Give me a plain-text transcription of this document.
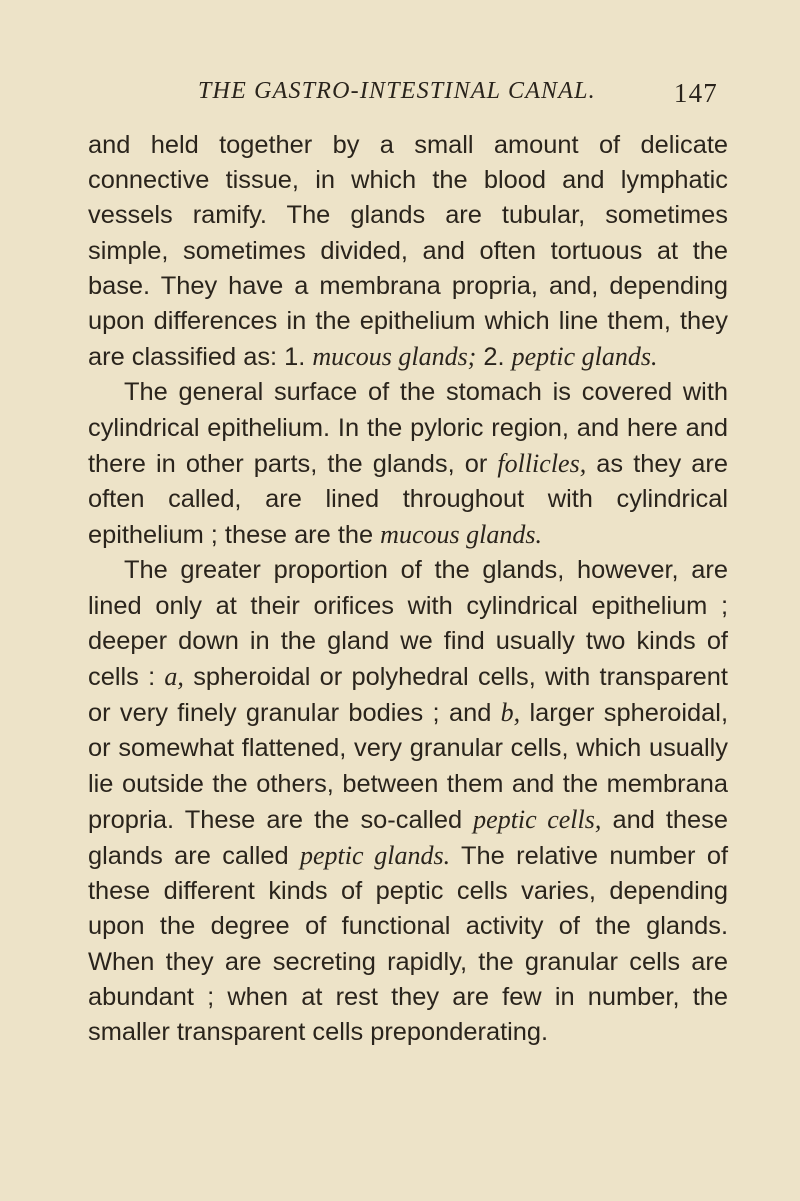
THE GASTRO-INTESTINAL CANAL.	147

and held together by a small amount of delicate connective tissue, in which the blood and lymphatic vessels ramify. The glands are tubular, sometimes simple, sometimes divided, and often tortuous at the base. They have a membrana propria, and, depending upon differences in the epithelium which line them, they are classified as: 1. mucous glands; 2. peptic glands.

The general surface of the stomach is covered with cylindrical epithelium. In the pyloric region, and here and there in other parts, the glands, or follicles, as they are often called, are lined throughout with cylindrical epithelium ; these are the mucous glands.

The greater proportion of the glands, however, are lined only at their orifices with cylindrical epithelium ; deeper down in the gland we find usually two kinds of cells : a, spheroidal or polyhedral cells, with transparent or very finely granular bodies ; and b, larger spheroidal, or somewhat flattened, very granular cells, which usually lie outside the others, between them and the membrana propria. These are the so-called peptic cells, and these glands are called peptic glands. The relative number of these different kinds of peptic cells varies, depending upon the degree of functional activity of the glands. When they are secreting rapidly, the granular cells are abundant ; when at rest they are few in number, the smaller transparent cells preponderating.
